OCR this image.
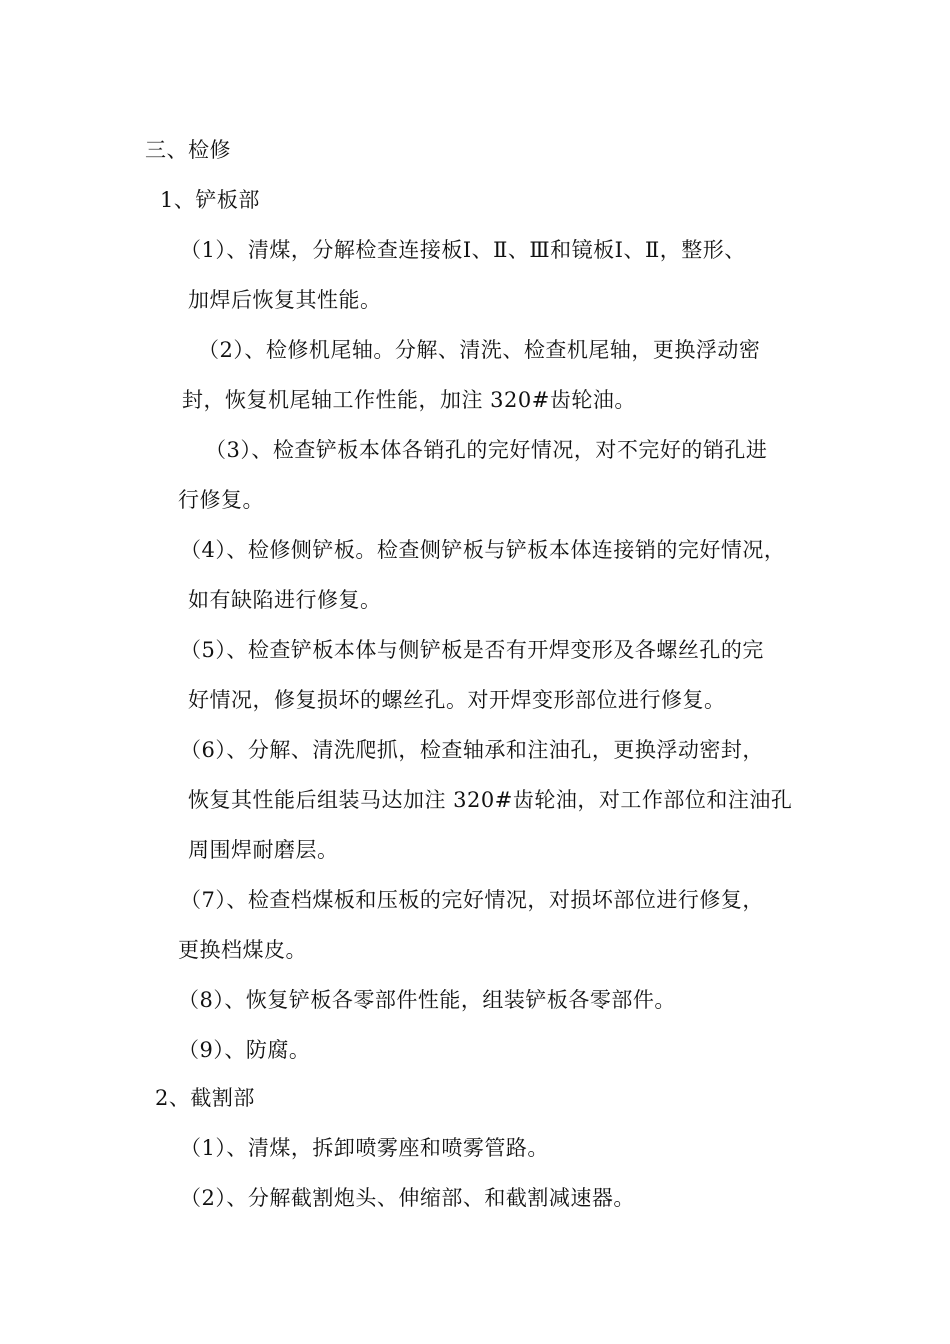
三、检修
1、铲板部
（1）、清煤，分解检查连接板Ⅰ、Ⅱ、Ⅲ和镜板Ⅰ、Ⅱ，整形、
加焊后恢复其性能。
（2）、检修机尾轴。分解、清洗、检查机尾轴，更换浮动密
封，恢复机尾轴工作性能，加注 320#齿轮油。
（3）、检查铲板本体各销孔的完好情况，对不完好的销孔进
行修复。
（4）、检修侧铲板。检查侧铲板与铲板本体连接销的完好情况，
如有缺陷进行修复。
（5）、检查铲板本体与侧铲板是否有开焊变形及各螺丝孔的完
好情况，修复损坏的螺丝孔。对开焊变形部位进行修复。
（6）、分解、清洗爬抓，检查轴承和注油孔，更换浮动密封，
恢复其性能后组装马达加注 320#齿轮油，对工作部位和注油孔
周围焊耐磨层。
（7）、检查档煤板和压板的完好情况，对损坏部位进行修复，
更换档煤皮。
（8）、恢复铲板各零部件性能，组装铲板各零部件。
（9）、防腐。
2、截割部
（1）、清煤，拆卸喷雾座和喷雾管路。
（2）、分解截割炮头、伸缩部、和截割减速器。
